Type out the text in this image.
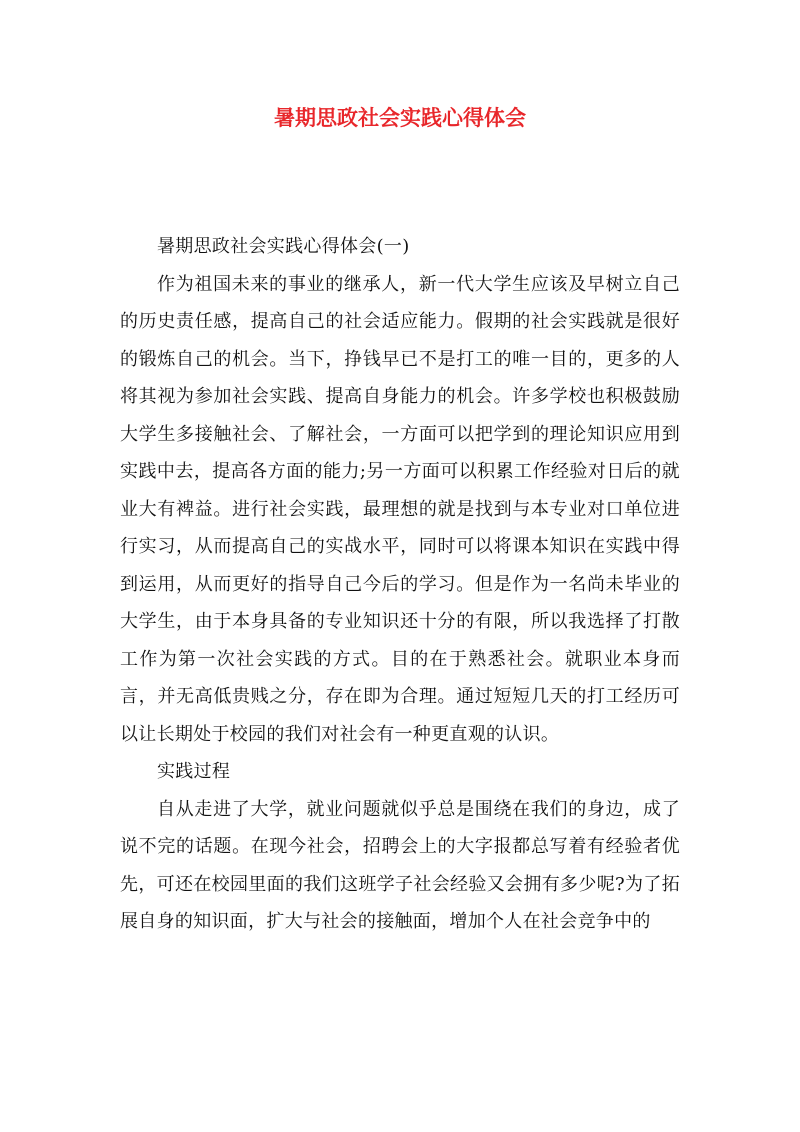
暑期思政社会实践心得体会

暑期思政社会实践心得体会(一)

作为祖国未来的事业的继承人，新一代大学生应该及早树立自己的历史责任感，提高自己的社会适应能力。假期的社会实践就是很好的锻炼自己的机会。当下，挣钱早已不是打工的唯一目的，更多的人将其视为参加社会实践、提高自身能力的机会。许多学校也积极鼓励大学生多接触社会、了解社会，一方面可以把学到的理论知识应用到实践中去，提高各方面的能力;另一方面可以积累工作经验对日后的就业大有裨益。进行社会实践，最理想的就是找到与本专业对口单位进行实习，从而提高自己的实战水平，同时可以将课本知识在实践中得到运用，从而更好的指导自己今后的学习。但是作为一名尚未毕业的大学生，由于本身具备的专业知识还十分的有限，所以我选择了打散工作为第一次社会实践的方式。目的在于熟悉社会。就职业本身而言，并无高低贵贱之分，存在即为合理。通过短短几天的打工经历可以让长期处于校园的我们对社会有一种更直观的认识。

实践过程

自从走进了大学，就业问题就似乎总是围绕在我们的身边，成了说不完的话题。在现今社会，招聘会上的大字报都总写着有经验者优先，可还在校园里面的我们这班学子社会经验又会拥有多少呢?为了拓展自身的知识面，扩大与社会的接触面，增加个人在社会竞争中的
